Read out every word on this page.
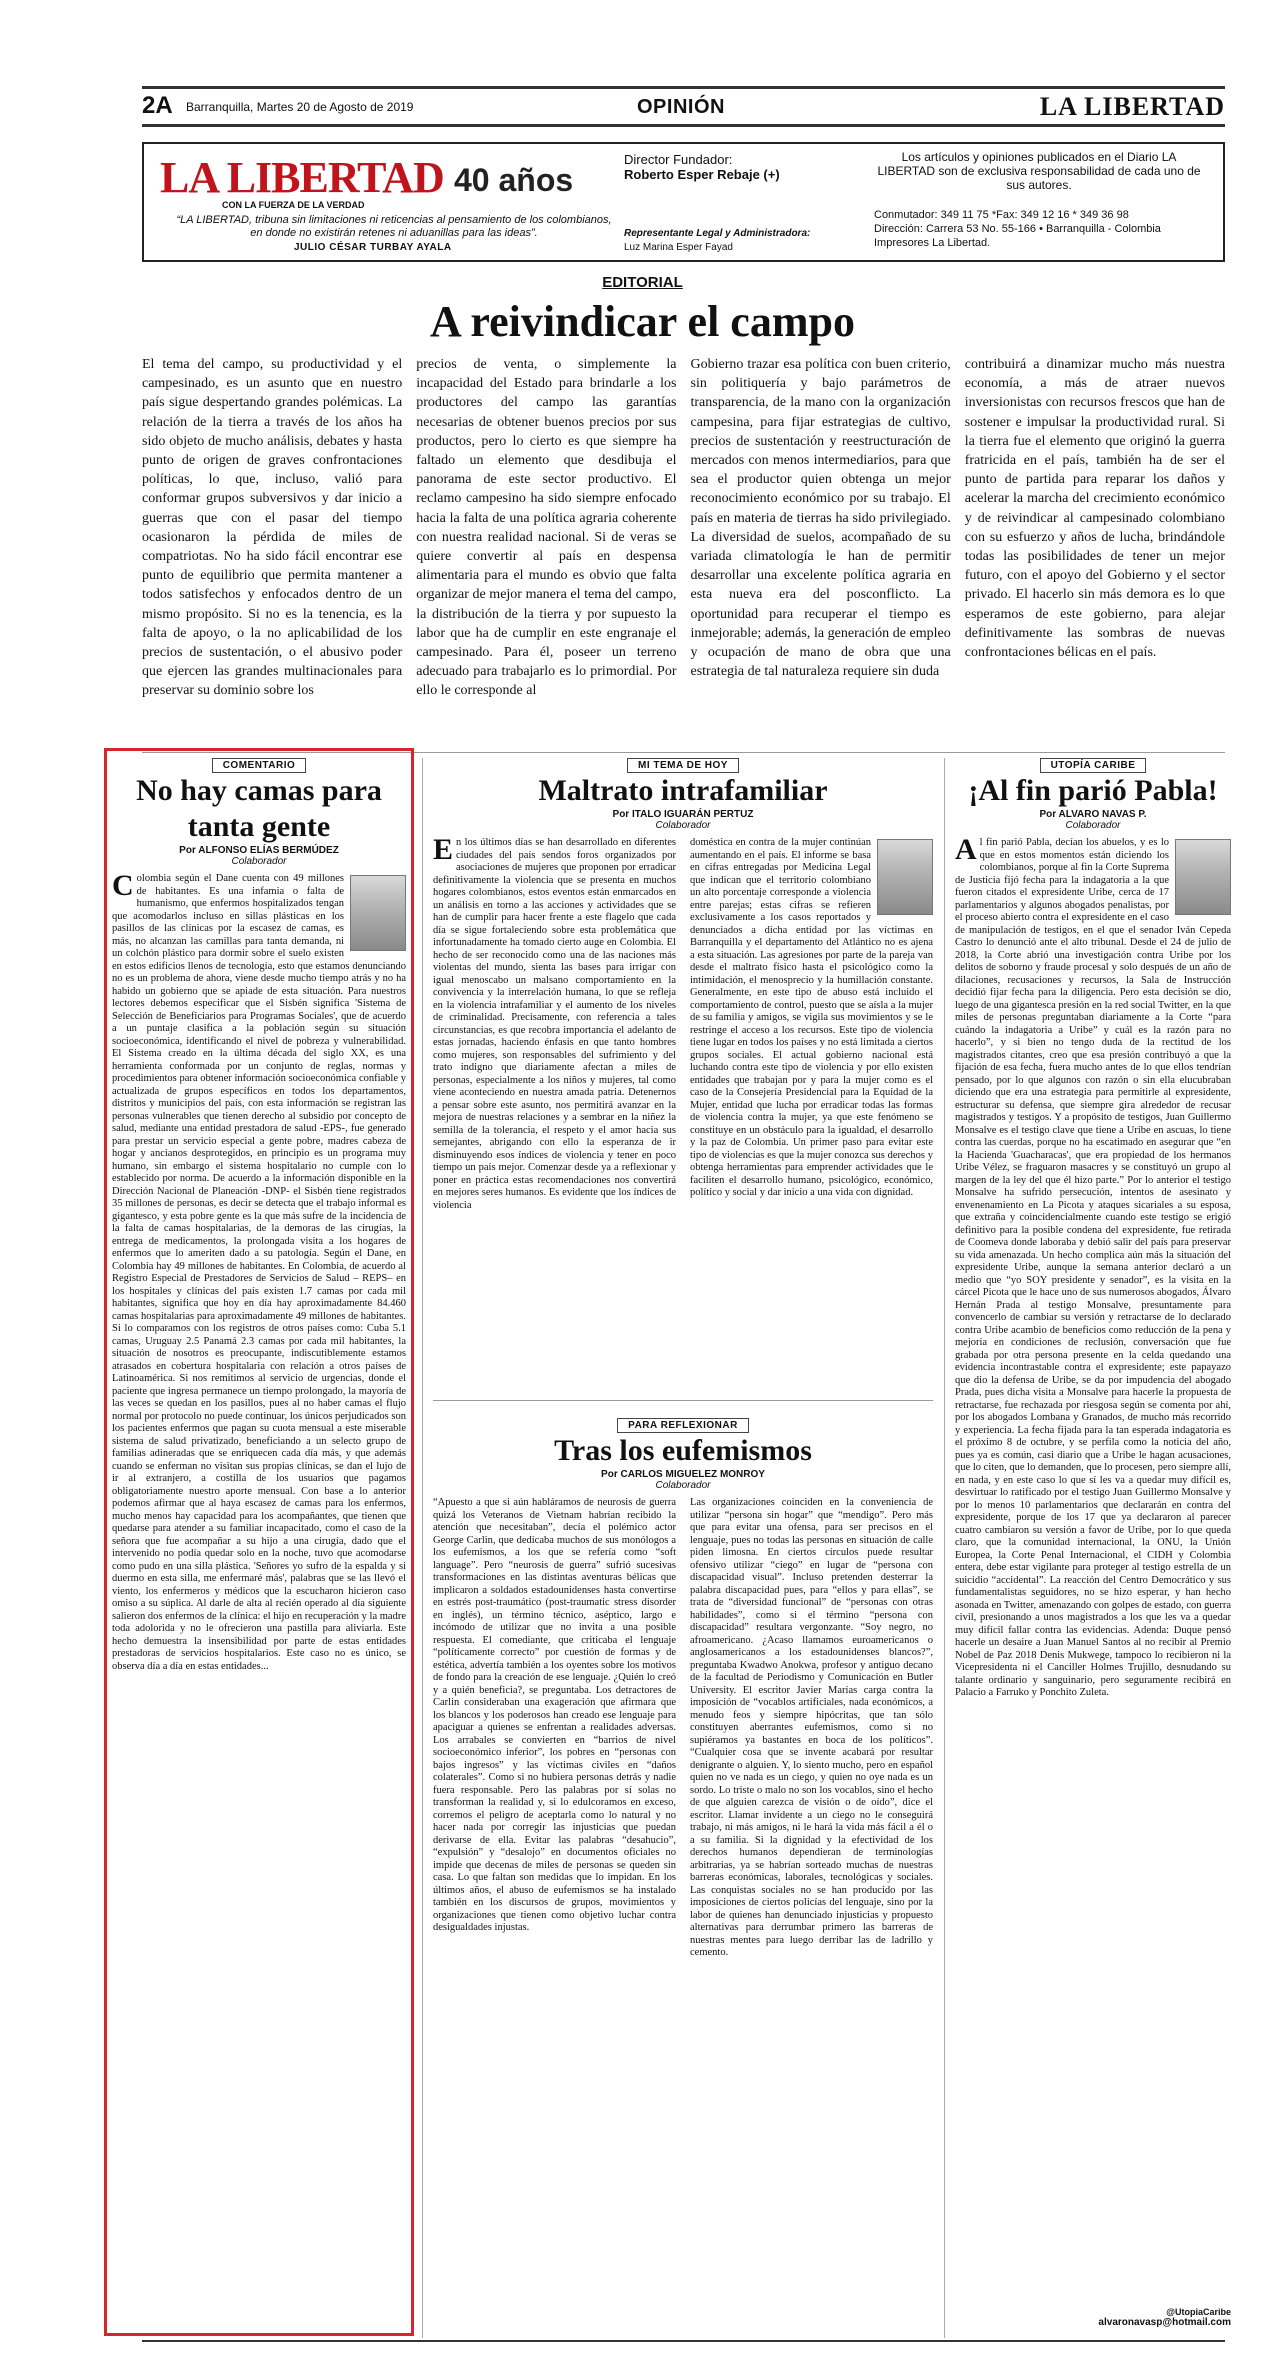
2A Barranquilla, Martes 20 de Agosto de 2019	OPINIÓN	LA LIBERTAD
LA LIBERTAD 40 años
CON LA FUERZA DE LA VERDAD
“LA LIBERTAD, tribuna sin limitaciones ni reticencias al pensamiento de los colombianos, en donde no existirán retenes ni aduanillas para las ideas”.
JULIO CÉSAR TURBAY AYALA
Director Fundador:
Roberto Esper Rebaje (+)
Representante Legal y Administradora:
Luz Marina Esper Fayad
Los artículos y opiniones publicados en el Diario LA LIBERTAD son de exclusiva responsabilidad de cada uno de sus autores.
Conmutador: 349 11 75 *Fax: 349 12 16 * 349 36 98
Dirección: Carrera 53 No. 55-166 • Barranquilla - Colombia
Impresores La Libertad.
EDITORIAL
A reivindicar el campo

El tema del campo, su productividad y el campesinado, es un asunto que en nuestro país sigue despertando grandes polémicas. La relación de la tierra a través de los años ha sido objeto de mucho análisis, debates y hasta punto de origen de graves confrontaciones políticas, lo que, incluso, valió para conformar grupos subversivos y dar inicio a guerras que con el pasar del tiempo ocasionaron la pérdida de miles de compatriotas. No ha sido fácil encontrar ese punto de equilibrio que permita mantener a todos satisfechos y enfocados dentro de un mismo propósito. Si no es la tenencia, es la falta de apoyo, o la no aplicabilidad de los precios de sustentación, o el abusivo poder que ejercen las grandes multinacionales para preservar su dominio sobre los

precios de venta, o simplemente la incapacidad del Estado para brindarle a los productores del campo las garantías necesarias de obtener buenos precios por sus productos, pero lo cierto es que siempre ha faltado un elemento que desdibuja el panorama de este sector productivo. El reclamo campesino ha sido siempre enfocado hacia la falta de una política agraria coherente con nuestra realidad nacional. Si de veras se quiere convertir al país en despensa alimentaria para el mundo es obvio que falta organizar de mejor manera el tema del campo, la distribución de la tierra y por supuesto la labor que ha de cumplir en este engranaje el campesinado. Para él, poseer un terreno adecuado para trabajarlo es lo primordial. Por ello le corresponde al

Gobierno trazar esa política con buen criterio, sin politiquería y bajo parámetros de transparencia, de la mano con la organización campesina, para fijar estrategias de cultivo, precios de sustentación y reestructuración de mercados con menos intermediarios, para que sea el productor quien obtenga un mejor reconocimiento económico por su trabajo. El país en materia de tierras ha sido privilegiado. La diversidad de suelos, acompañado de su variada climatología le han de permitir desarrollar una excelente política agraria en esta nueva era del posconflicto. La oportunidad para recuperar el tiempo es inmejorable; además, la generación de empleo y ocupación de mano de obra que una estrategia de tal naturaleza requiere sin duda

contribuirá a dinamizar mucho más nuestra economía, a más de atraer nuevos inversionistas con recursos frescos que han de sostener e impulsar la productividad rural. Si la tierra fue el elemento que originó la guerra fratricida en el país, también ha de ser el punto de partida para reparar los daños y acelerar la marcha del crecimiento económico y de reivindicar al campesinado colombiano con su esfuerzo y años de lucha, brindándole todas las posibilidades de tener un mejor futuro, con el apoyo del Gobierno y el sector privado. El hacerlo sin más demora es lo que esperamos de este gobierno, para alejar definitivamente las sombras de nuevas confrontaciones bélicas en el país.

COMENTARIO
No hay camas para tanta gente
Por ALFONSO ELÍAS BERMÚDEZ
Colaborador
Colombia según el Dane cuenta con 49 millones de habitantes. Es una infamia o falta de humanismo, que enfermos hospitalizados tengan que acomodarlos incluso en sillas plásticas en los pasillos de las clínicas por la escasez de camas, es más, no alcanzan las camillas para tanta demanda, ni un colchón plástico para dormir sobre el suelo existen en estos edificios llenos de tecnología, esto que estamos denunciando no es un problema de ahora, viene desde mucho tiempo atrás y no ha habido un gobierno que se apiade de esta situación. Para nuestros lectores debemos especificar que el Sisbén significa 'Sistema de Selección de Beneficiarios para Programas Sociales', que de acuerdo a un puntaje clasifica a la población según su situación socioeconómica, identificando el nivel de pobreza y vulnerabilidad. El Sistema creado en la última década del siglo XX, es una herramienta conformada por un conjunto de reglas, normas y procedimientos para obtener información socioeconómica confiable y actualizada de grupos específicos en todos los departamentos, distritos y municipios del país, con esta información se registran las personas vulnerables que tienen derecho al subsidio por concepto de salud, mediante una entidad prestadora de salud -EPS-, fue generado para prestar un servicio especial a gente pobre, madres cabeza de hogar y ancianos desprotegidos, en principio es un programa muy humano, sin embargo el sistema hospitalario no cumple con lo establecido por norma. De acuerdo a la información disponible en la Dirección Nacional de Planeación -DNP- el Sisbén tiene registrados 35 millones de personas, es decir se detecta que el trabajo informal es gigantesco, y esta pobre gente es la que más sufre de la incidencia de la falta de camas hospitalarias, de la demoras de las cirugías, la entrega de medicamentos, la prolongada visita a los hogares de enfermos que lo ameriten dado a su patología. Según el Dane, en Colombia hay 49 millones de habitantes. En Colombia, de acuerdo al Registro Especial de Prestadores de Servicios de Salud – REPS– en los hospitales y clínicas del país existen 1.7 camas por cada mil habitantes, significa que hoy en día hay aproximadamente 84.460 camas hospitalarias para aproximadamente 49 millones de habitantes. Si lo comparamos con los registros de otros países como: Cuba 5.1 camas, Uruguay 2.5 Panamá 2.3 camas por cada mil habitantes, la situación de nosotros es preocupante, indiscutiblemente estamos atrasados en cobertura hospitalaria con relación a otros países de Latinoamérica. Si nos remitimos al servicio de urgencias, donde el paciente que ingresa permanece un tiempo prolongado, la mayoría de las veces se quedan en los pasillos, pues al no haber camas el flujo normal por protocolo no puede continuar, los únicos perjudicados son los pacientes enfermos que pagan su cuota mensual a este miserable sistema de salud privatizado, beneficiando a un selecto grupo de familias adineradas que se enriquecen cada día más, y que además cuando se enferman no visitan sus propias clínicas, se dan el lujo de ir al extranjero, a costilla de los usuarios que pagamos obligatoriamente nuestro aporte mensual. Con base a lo anterior podemos afirmar que al haya escasez de camas para los enfermos, mucho menos hay capacidad para los acompañantes, que tienen que quedarse para atender a su familiar incapacitado, como el caso de la señora que fue acompañar a su hijo a una cirugía, dado que el intervenido no podía quedar solo en la noche, tuvo que acomodarse como pudo en una silla plástica. 'Señores yo sufro de la espalda y si duermo en esta silla, me enfermaré más', palabras que se las llevó el viento, los enfermeros y médicos que la escucharon hicieron caso omiso a su súplica. Al darle de alta al recién operado al día siguiente salieron dos enfermos de la clínica: el hijo en recuperación y la madre toda adolorida y no le ofrecieron una pastilla para aliviarla. Este hecho demuestra la insensibilidad por parte de estas entidades prestadoras de servicios hospitalarios. Este caso no es único, se observa día a día en estas entidades...
MI TEMA DE HOY
Maltrato intrafamiliar
Por ITALO IGUARÁN PERTUZ
Colaborador
En los últimos días se han desarrollado en diferentes ciudades del país sendos foros organizados por asociaciones de mujeres que proponen por erradicar definitivamente la violencia que se presenta en muchos hogares colombianos, estos eventos están enmarcados en un análisis en torno a las acciones y actividades que se han de cumplir para hacer frente a este flagelo que cada día se sigue fortaleciendo sobre esta problemática que infortunadamente ha tomado cierto auge en Colombia. El hecho de ser reconocido como una de las naciones más violentas del mundo, sienta las bases para irrigar con igual menoscabo un malsano comportamiento en la convivencia y la interrelación humana, lo que se refleja en la violencia intrafamiliar y el aumento de los niveles de criminalidad. Precisamente, con referencia a tales circunstancias, es que recobra importancia el adelanto de estas jornadas, haciendo énfasis en que tanto hombres como mujeres, son responsables del sufrimiento y del trato indigno que diariamente afectan a miles de personas, especialmente a los niños y mujeres, tal como viene aconteciendo en nuestra amada patria. Detenernos a pensar sobre este asunto, nos permitirá avanzar en la mejora de nuestras relaciones y a sembrar en la niñez la semilla de la tolerancia, el respeto y el amor hacia sus semejantes, abrigando con ello la esperanza de ir disminuyendo esos índices de violencia y tener en poco tiempo un país mejor. Comenzar desde ya a reflexionar y poner en práctica estas recomendaciones nos convertirá en mejores seres humanos. Es evidente que los índices de violencia
doméstica en contra de la mujer continúan aumentando en el país. El informe se basa en cifras entregadas por Medicina Legal que indican que el territorio colombiano un alto porcentaje corresponde a violencia entre parejas; estas cifras se refieren exclusivamente a los casos reportados y denunciados a dicha entidad por las víctimas en Barranquilla y el departamento del Atlántico no es ajena a esta situación. Las agresiones por parte de la pareja van desde el maltrato físico hasta el psicológico como la intimidación, el menosprecio y la humillación constante. Generalmente, en este tipo de abuso está incluido el comportamiento de control, puesto que se aísla a la mujer de su familia y amigos, se vigila sus movimientos y se le restringe el acceso a los recursos. Este tipo de violencia tiene lugar en todos los países y no está limitada a ciertos grupos sociales. El actual gobierno nacional está luchando contra este tipo de violencia y por ello existen entidades que trabajan por y para la mujer como es el caso de la Consejería Presidencial para la Equidad de la Mujer, entidad que lucha por erradicar todas las formas de violencia contra la mujer, ya que este fenómeno se constituye en un obstáculo para la igualdad, el desarrollo y la paz de Colombia. Un primer paso para evitar este tipo de violencias es que la mujer conozca sus derechos y obtenga herramientas para emprender actividades que le faciliten el desarrollo humano, psicológico, económico, político y social y dar inicio a una vida con dignidad.
PARA REFLEXIONAR
Tras los eufemismos
Por CARLOS MIGUELEZ MONROY
Colaborador
“Apuesto a que si aún habláramos de neurosis de guerra quizá los Veteranos de Vietnam habrían recibido la atención que necesitaban”, decía el polémico actor George Carlin, que dedicaba muchos de sus monólogos a los eufemismos, a los que se refería como “soft language”. Pero “neurosis de guerra” sufrió sucesivas transformaciones en las distintas aventuras bélicas que implicaron a soldados estadounidenses hasta convertirse en estrés post-traumático (post-traumatic stress disorder en inglés), un término técnico, aséptico, largo e incómodo de utilizar que no invita a una posible respuesta. El comediante, que criticaba el lenguaje “políticamente correcto” por cuestión de formas y de estética, advertía también a los oyentes sobre los motivos de fondo para la creación de ese lenguaje. ¿Quién lo creó y a quién beneficia?, se preguntaba. Los detractores de Carlin consideraban una exageración que afirmara que los blancos y los poderosos han creado ese lenguaje para apaciguar a quienes se enfrentan a realidades adversas. Los arrabales se convierten en “barrios de nivel socioeconómico inferior”, los pobres en “personas con bajos ingresos” y las víctimas civiles en “daños colaterales”. Como si no hubiera personas detrás y nadie fuera responsable. Pero las palabras por sí solas no transforman la realidad y, si lo edulcoramos en exceso, corremos el peligro de aceptarla como lo natural y no hacer nada por corregir las injusticias que puedan derivarse de ella. Evitar las palabras “desahucio”, “expulsión” y “desalojo” en documentos oficiales no impide que decenas de miles de personas se queden sin casa. Lo que faltan son medidas que lo impidan. En los últimos años, el abuso de eufemismos se ha instalado también en los discursos de grupos, movimientos y organizaciones que tienen como objetivo luchar contra desigualdades injustas.
Las organizaciones coinciden en la conveniencia de utilizar “persona sin hogar” que “mendigo”. Pero más que para evitar una ofensa, para ser precisos en el lenguaje, pues no todas las personas en situación de calle piden limosna. En ciertos círculos puede resultar ofensivo utilizar “ciego” en lugar de “persona con discapacidad visual”. Incluso pretenden desterrar la palabra discapacidad pues, para “ellos y para ellas”, se trata de “diversidad funcional” de “personas con otras habilidades”, como si el término “persona con discapacidad” resultara vergonzante. “Soy negro, no afroamericano. ¿Acaso llamamos euroamericanos o anglosamericanos a los estadounidenses blancos?”, preguntaba Kwadwo Anokwa, profesor y antiguo decano de la facultad de Periodismo y Comunicación en Butler University. El escritor Javier Marías carga contra la imposición de “vocablos artificiales, nada económicos, a menudo feos y siempre hipócritas, que tan sólo constituyen aberrantes eufemismos, como si no supiéramos ya bastantes en boca de los políticos”. “Cualquier cosa que se invente acabará por resultar denigrante o alguien. Y, lo siento mucho, pero en español quien no ve nada es un ciego, y quien no oye nada es un sordo. Lo triste o malo no son los vocablos, sino el hecho de que alguien carezca de visión o de oído”, dice el escritor. Llamar invidente a un ciego no le conseguirá trabajo, ni más amigos, ni le hará la vida más fácil a él o a su familia. Si la dignidad y la efectividad de los derechos humanos dependieran de terminologías arbitrarias, ya se habrían sorteado muchas de nuestras barreras económicas, laborales, tecnológicas y sociales. Las conquistas sociales no se han producido por las imposiciones de ciertos policías del lenguaje, sino por la labor de quienes han denunciado injusticias y propuesto alternativas para derrumbar primero las barreras de nuestras mentes para luego derribar las de ladrillo y cemento.
UTOPÍA CARIBE
¡Al fin parió Pabla!
Por ALVARO NAVAS P.
Colaborador
Al fin parió Pabla, decían los abuelos, y es lo que en estos momentos están diciendo los colombianos, porque al fin la Corte Suprema de Justicia fijó fecha para la indagatoria a la que fueron citados el expresidente Uribe, cerca de 17 parlamentarios y algunos abogados penalistas, por el proceso abierto contra el expresidente en el caso de manipulación de testigos, en el que el senador Iván Cepeda Castro lo denunció ante el alto tribunal. Desde el 24 de julio de 2018, la Corte abrió una investigación contra Uribe por los delitos de soborno y fraude procesal y solo después de un año de dilaciones, recusaciones y recursos, la Sala de Instrucción decidió fijar fecha para la diligencia. Pero esta decisión se dio, luego de una gigantesca presión en la red social Twitter, en la que miles de personas preguntaban diariamente a la Corte “para cuándo la indagatoria a Uribe” y cuál es la razón para no hacerlo”, y si bien no tengo duda de la rectitud de los magistrados citantes, creo que esa presión contribuyó a que la fijación de esa fecha, fuera mucho antes de lo que ellos tendrían pensado, por lo que algunos con razón o sin ella elucubraban diciendo que era una estrategia para permitirle al expresidente, estructurar su defensa, que siempre gira alrededor de recusar magistrados y testigos. Y a propósito de testigos, Juan Guillermo Monsalve es el testigo clave que tiene a Uribe en ascuas, lo tiene contra las cuerdas, porque no ha escatimado en asegurar que “en la Hacienda 'Guacharacas', que era propiedad de los hermanos Uribe Vélez, se fraguaron masacres y se constituyó un grupo al margen de la ley del que él hizo parte.” Por lo anterior el testigo Monsalve ha sufrido persecución, intentos de asesinato y envenenamiento en La Picota y ataques sicariales a su esposa, que extraña y coincidencialmente cuando este testigo se erigió definitivo para la posible condena del expresidente, fue retirada de Coomeva donde laboraba y debió salir del país para preservar su vida amenazada. Un hecho complica aún más la situación del expresidente Uribe, aunque la semana anterior declaró a un medio que “yo SOY presidente y senador”, es la visita en la cárcel Picota que le hace uno de sus numerosos abogados, Álvaro Hernán Prada al testigo Monsalve, presuntamente para convencerlo de cambiar su versión y retractarse de lo declarado contra Uribe acambio de beneficios como reducción de la pena y mejoría en condiciones de reclusión, conversación que fue grabada por otra persona presente en la celda quedando una evidencia incontrastable contra el expresidente; este papayazo que dio la defensa de Uribe, se da por impudencia del abogado Prada, pues dicha visita a Monsalve para hacerle la propuesta de retractarse, fue rechazada por riesgosa según se comenta por ahí, por los abogados Lombana y Granados, de mucho más recorrido y experiencia. La fecha fijada para la tan esperada indagatoria es el próximo 8 de octubre, y se perfila como la noticia del año, pues ya es común, casi diario que a Uribe le hagan acusaciones, que lo citen, que lo demanden, que lo procesen, pero siempre allí, en nada, y en este caso lo que sí les va a quedar muy difícil es, desvirtuar lo ratificado por el testigo Juan Guillermo Monsalve y por lo menos 10 parlamentarios que declararán en contra del expresidente, porque de los 17 que ya declararon al parecer cuatro cambiaron su versión a favor de Uribe, por lo que queda claro, que la comunidad internacional, la ONU, la Unión Europea, la Corte Penal Internacional, el CIDH y Colombia entera, debe estar vigilante para proteger al testigo estrella de un suicidio “accidental”. La reacción del Centro Democrático y sus fundamentalistas seguidores, no se hizo esperar, y han hecho asonada en Twitter, amenazando con golpes de estado, con guerra civil, presionando a unos magistrados a los que les va a quedar muy difícil fallar contra las evidencias. Adenda: Duque pensó hacerle un desaire a Juan Manuel Santos al no recibir al Premio Nobel de Paz 2018 Denis Mukwege, tampoco lo recibieron ni la Vicepresidenta ni el Canciller Holmes Trujillo, desnudando su talante ordinario y sanguinario, pero seguramente recibirá en Palacio a Farruko y Ponchito Zuleta.
@UtopiaCaribe
alvaronavasp@hotmail.com
